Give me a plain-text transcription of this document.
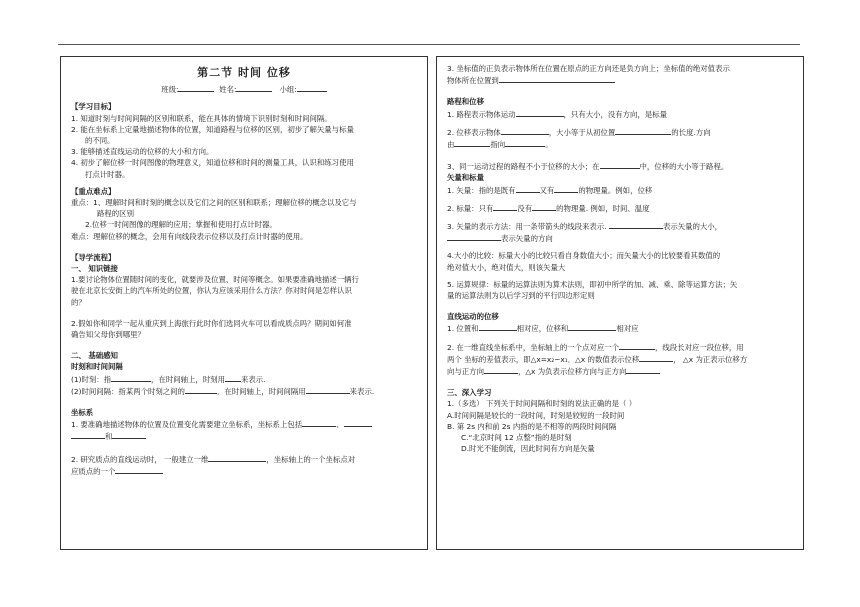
第二节 时间 位移
班级:	姓名:	小组:

【学习目标】

1. 知道时刻与时间间隔的区别和联系，能在具体的情境下识别时刻和时间间隔。

2. 能在坐标系上定量地描述物体的位置，知道路程与位移的区别，初步了解矢量与标量

的不同。

3. 能够描述直线运动的位移的大小和方向。

4. 初步了解位移一时间图像的物理意义，知道位移和时间的测量工具，认识和练习使用

打点计时器。

【重点难点】

重点：1、理解时间和时刻的概念以及它们之间的区别和联系；理解位移的概念以及它与

路程的区别

2.位移一时间图像的理解的应用；掌握和使用打点计时器。

难点：理解位移的概念，会用有向线段表示位移以及打点计时器的使用。

【导学流程】

一、 知识链接

1.要讨论物体位置随时间的变化，就要涉及位置、时间等概念。如果要准确地描述一辆行

驶在北京长安街上的汽车所处的位置，你认为应该采用什么方法？你对时间是怎样认识

的？

2.假如你和同学一起从重庆到上海旅行此时你们选同火车可以看成质点吗？期间如何准

确告知父母你到哪里？

二、 基础感知

时刻和时间间隔

(1)时刻：指	，在时间轴上，时刻用 来表示.

(2)时间间隔：指某两个时刻之间的	．在时间轴上，时间间隔用	来表示.

坐标系

1. 要准确地描述物体的位置及位置变化需要建立坐标系，坐标系上包括	、

和

2. 研究质点的直线运动时， 一般建立一维	，坐标轴上的一个坐标点对

应质点的一个

3. 坐标值的正负表示物体所在位置在原点的正方向还是负方向上；坐标值的绝对值表示

物体所在位置到

路程和位移

1. 路程表示物体运动	，只有大小，没有方向，是标量

2. 位移表示物体	，大小等于从初位置	的长度.方向

由	指向	。

3、同一运动过程的路程不小于位移的大小；在	中，位移的大小等于路程。

矢量和标量

1. 矢量：指的是既有	又有	的物理量。例如，位移

2. 标量：只有	没有	的物理量. 例如，时间、温度

3. 矢量的表示方法：用一条带箭头的线段来表示.	表示矢量的大小，

表示矢量的方向

4.大小的比较：标量大小的比较只看自身数值大小；而矢量大小的比较要看其数值的

绝对值大小，绝对值大，则该矢量大

5. 运算规律：标量的运算法则为算术法则，即初中所学的加、减、乘、除等运算方法；矢

量的运算法则为以后学习到的平行四边形定则

直线运动的位移

1. 位置和	相对应，位移和	相对应

2. 在一维直线坐标系中，坐标轴上的一个点对应一个	，线段长对应一段位移，用

两个 坐标的差值表示，即△x=x₂−x₁．△x 的数值表示位移	， △x 为正表示位移方

向与正方向	，△x 为负表示位移方向与正方向

三、深入学习

1.（多选） 下列关于时间间隔和时刻的说法正确的是（ ）

A.时间间隔是较长的一段时间，时刻是较短的一段时间

B. 第 2s 内和前 2s 内指的是不相等的两段时间间隔

C.“北京时间 12 点整”指的是时刻

D.时光不能倒流，因此时间有方向是矢量
